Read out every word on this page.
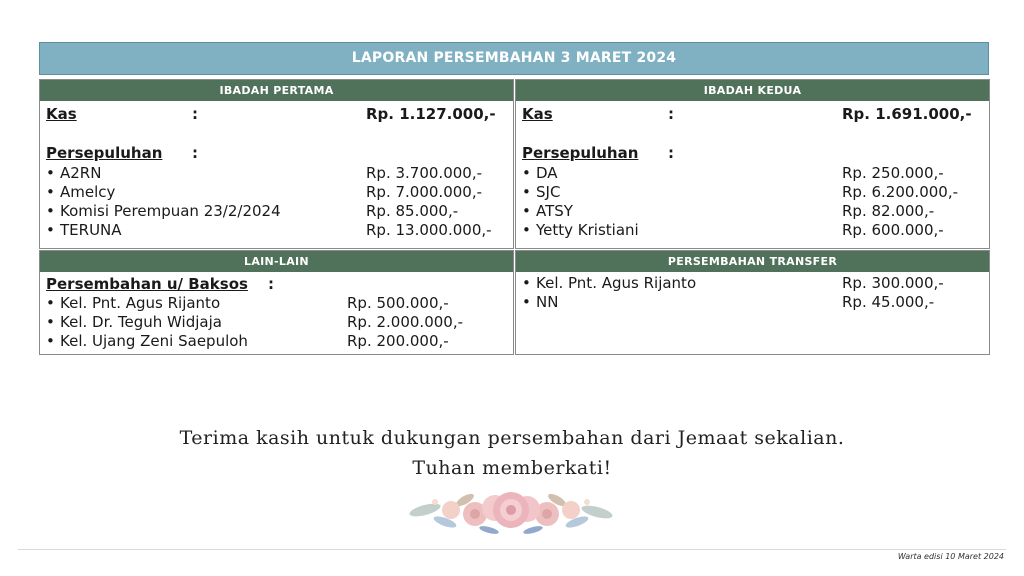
LAPORAN PERSEMBAHAN 3 MARET 2024
IBADAH PERTAMA
Kas	:	Rp. 1.127.000,-
Persepuluhan :
• A2RN	Rp. 3.700.000,-
• Amelcy	Rp. 7.000.000,-
• Komisi Perempuan 23/2/2024	Rp. 85.000,-
• TERUNA	Rp. 13.000.000,-
IBADAH KEDUA
Kas	:	Rp. 1.691.000,-
Persepuluhan :
• DA	Rp. 250.000,-
• SJC	Rp. 6.200.000,-
• ATSY	Rp. 82.000,-
• Yetty Kristiani	Rp. 600.000,-
LAIN-LAIN
Persembahan u/ Baksos :
• Kel. Pnt. Agus Rijanto	Rp. 500.000,-
• Kel. Dr. Teguh Widjaja	Rp. 2.000.000,-
• Kel. Ujang Zeni Saepuloh	Rp. 200.000,-
PERSEMBAHAN TRANSFER
• Kel. Pnt. Agus Rijanto	Rp. 300.000,-
• NN	Rp. 45.000,-
Terima kasih untuk dukungan persembahan dari Jemaat sekalian.
Tuhan memberkati!
Warta edisi 10 Maret 2024
